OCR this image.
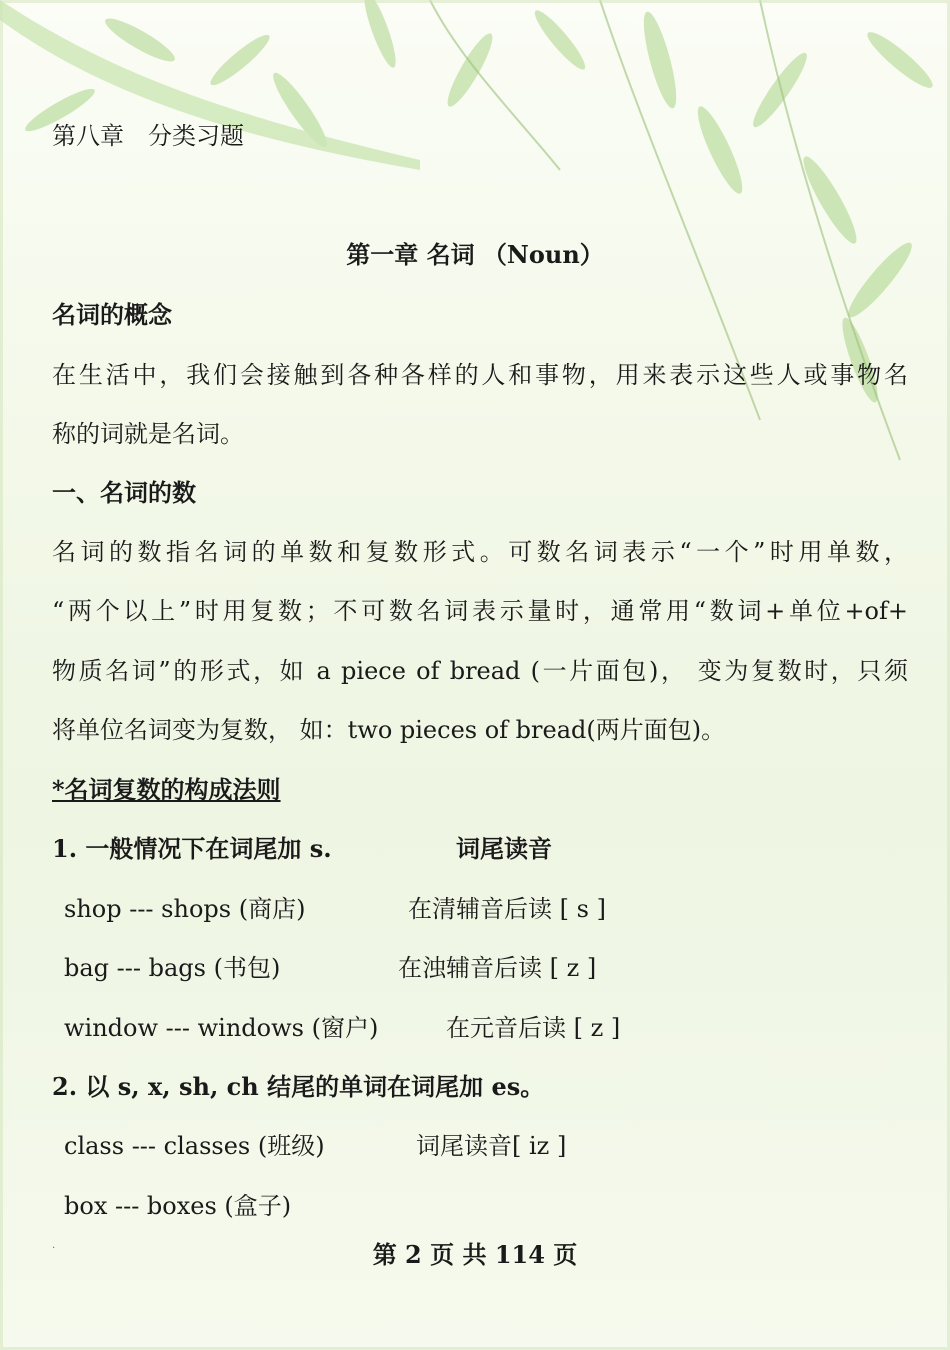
第八章　分类习题
第一章 名词 （Noun）
名词的概念
在生活中，我们会接触到各种各样的人和事物，用来表示这些人或事物名
称的词就是名词。
一、名词的数
名词的数指名词的单数和复数形式。可数名词表示“一个”时用单数，
“两个以上”时用复数；不可数名词表示量时，通常用“数词+单位+of+
物质名词”的形式，如 a piece of bread (一片面包)， 变为复数时，只须
将单位名词变为复数， 如：two pieces of bread(两片面包)。
*名词复数的构成法则
1. 一般情况下在词尾加 s.	词尾读音
shop --- shops (商店)	在清辅音后读 [ s ]
bag --- bags (书包)	在浊辅音后读 [ z ]
window --- windows (窗户)	在元音后读 [ z ]
2. 以 s, x, sh, ch 结尾的单词在词尾加 es。
class --- classes (班级)	词尾读音[ iz ]
box --- boxes (盒子)
第 2 页 共 114 页
.
